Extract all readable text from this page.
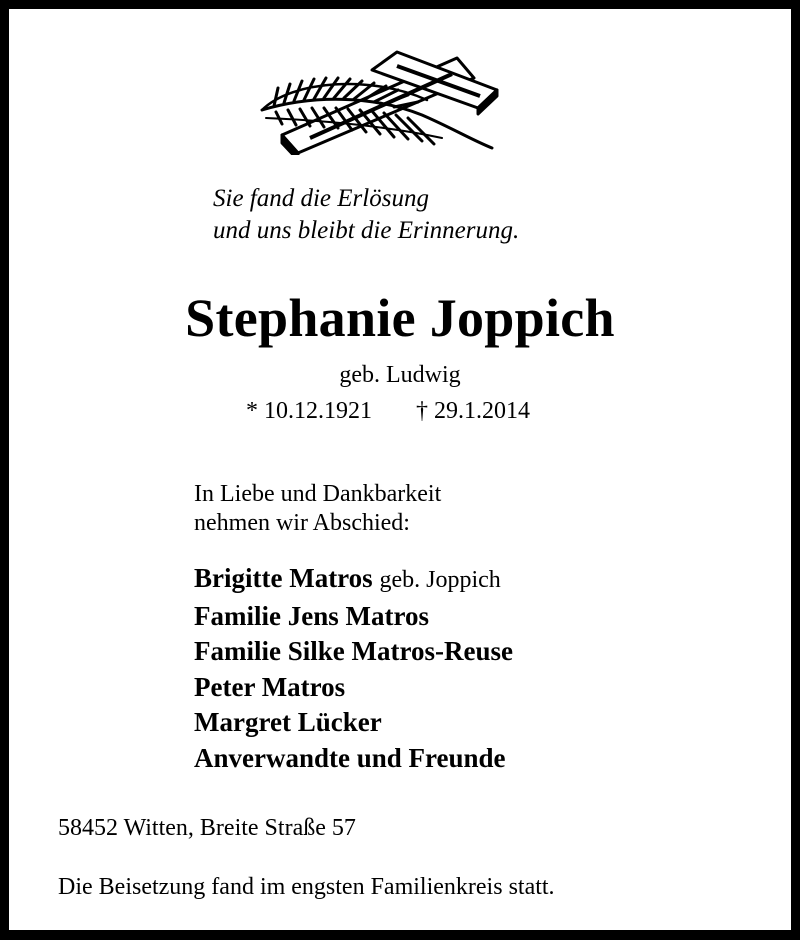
Sie fand die Erlösung
und uns bleibt die Erinnerung.

Stephanie Joppich

geb. Ludwig

* 10.12.1921 † 29.1.2014

In Liebe und Dankbarkeit
nehmen wir Abschied:

Brigitte Matros geb. Joppich
Familie Jens Matros
Familie Silke Matros-Reuse
Peter Matros
Margret Lücker
Anverwandte und Freunde

58452 Witten, Breite Straße 57

Die Beisetzung fand im engsten Familienkreis statt.
